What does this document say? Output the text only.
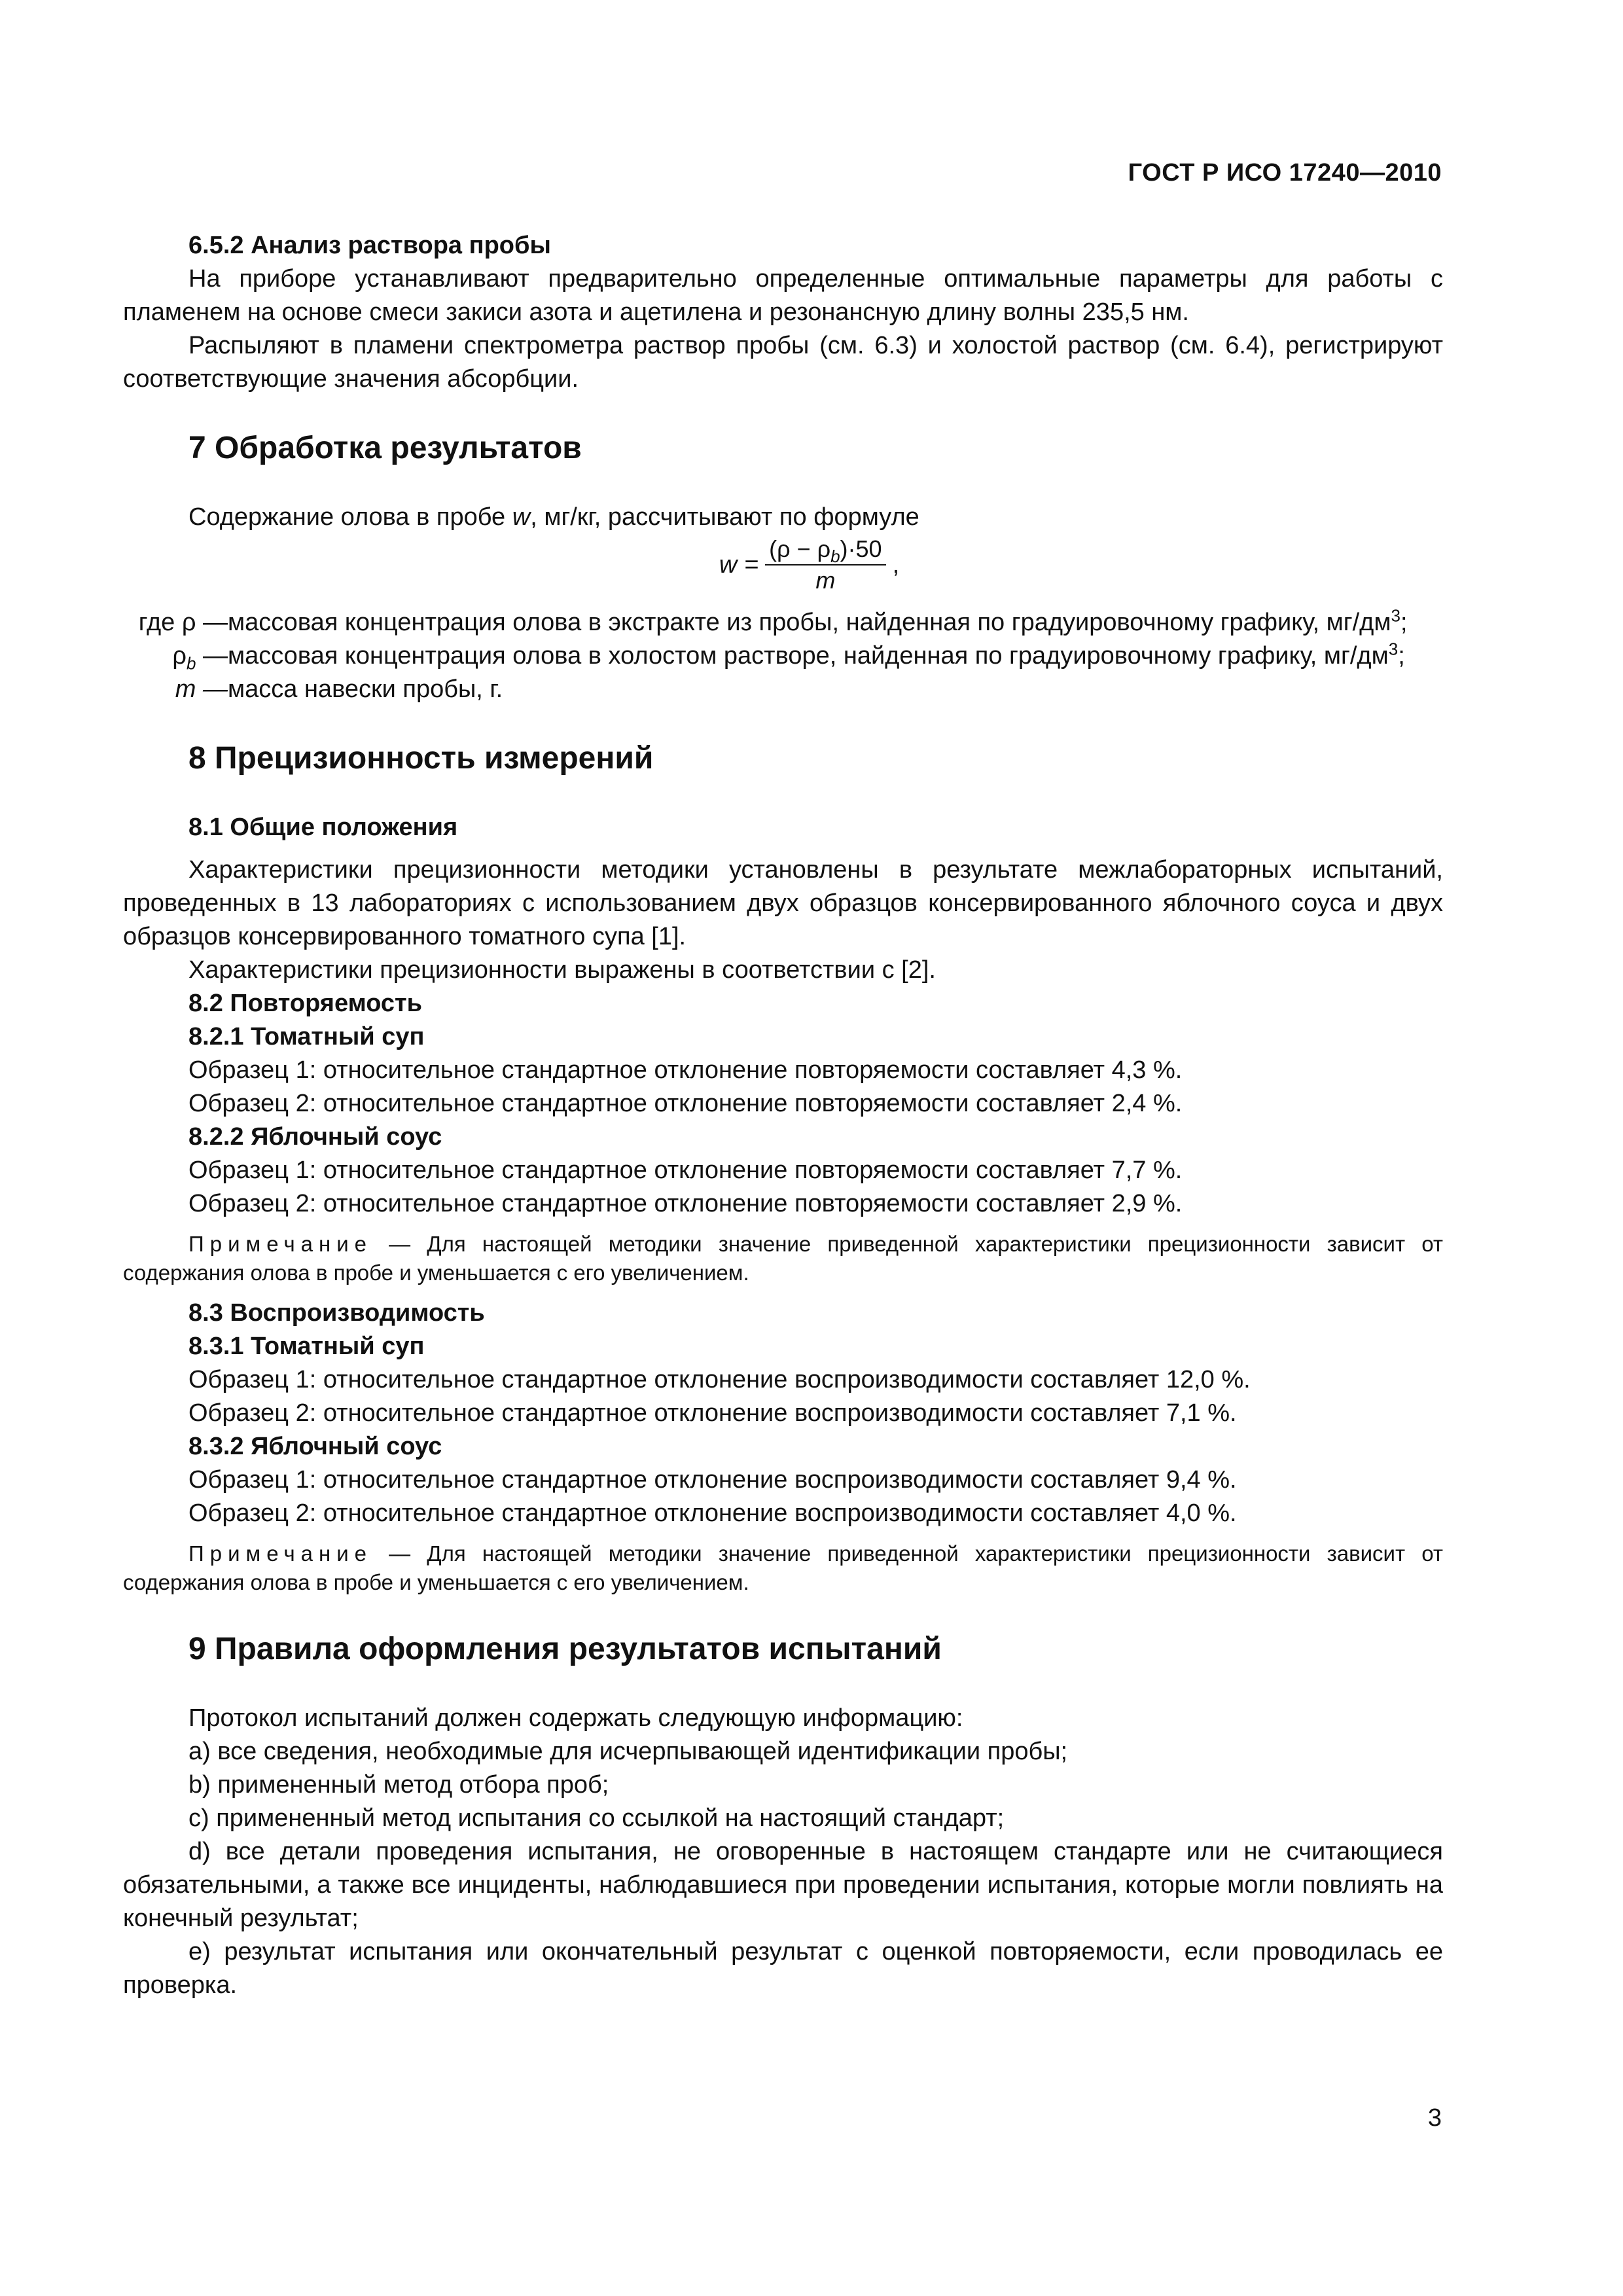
ГОСТ Р ИСО 17240—2010

6.5.2 Анализ раствора пробы

На приборе устанавливают предварительно определенные оптимальные параметры для работы с пламенем на основе смеси закиси азота и ацетилена и резонансную длину волны 235,5 нм.

Распыляют в пламени спектрометра раствор пробы (см. 6.3) и холостой раствор (см. 6.4), регистрируют соответствующие значения абсорбции.

7 Обработка результатов

Содержание олова в пробе w, мг/кг, рассчитывают по формуле

$w = \frac{(\rho - \rho_b)\cdot 50}{m}$ ,
где ρ — массовая концентрация олова в экстракте из пробы, найденная по градуировочному графику, $мг/дм^3$;
$\rho_b$ — массовая концентрация олова в холостом растворе, найденная по градуировочному графику, $мг/дм^3$;
m — масса навески пробы, г.

8 Прецизионность измерений

8.1 Общие положения

Характеристики прецизионности методики установлены в результате межлабораторных испытаний, проведенных в 13 лабораториях с использованием двух образцов консервированного яблочного соуса и двух образцов консервированного томатного супа [1].

Характеристики прецизионности выражены в соответствии с [2].

8.2 Повторяемость

8.2.1 Томатный суп

Образец 1: относительное стандартное отклонение повторяемости составляет 4,3 %.

Образец 2: относительное стандартное отклонение повторяемости составляет 2,4 %.

8.2.2 Яблочный соус

Образец 1: относительное стандартное отклонение повторяемости составляет 7,7 %.

Образец 2: относительное стандартное отклонение повторяемости составляет 2,9 %.

Примечание — Для настоящей методики значение приведенной характеристики прецизионности зависит от содержания олова в пробе и уменьшается с его увеличением.

8.3 Воспроизводимость

8.3.1 Томатный суп

Образец 1: относительное стандартное отклонение воспроизводимости составляет 12,0 %.

Образец 2: относительное стандартное отклонение воспроизводимости составляет 7,1 %.

8.3.2 Яблочный соус

Образец 1: относительное стандартное отклонение воспроизводимости составляет 9,4 %.

Образец 2: относительное стандартное отклонение воспроизводимости составляет 4,0 %.

Примечание — Для настоящей методики значение приведенной характеристики прецизионности зависит от содержания олова в пробе и уменьшается с его увеличением.

9 Правила оформления результатов испытаний

Протокол испытаний должен содержать следующую информацию:

a) все сведения, необходимые для исчерпывающей идентификации пробы;

b) примененный метод отбора проб;

c) примененный метод испытания со ссылкой на настоящий стандарт;

d) все детали проведения испытания, не оговоренные в настоящем стандарте или не считающиеся обязательными, а также все инциденты, наблюдавшиеся при проведении испытания, которые могли повлиять на конечный результат;

e) результат испытания или окончательный результат с оценкой повторяемости, если проводилась ее проверка.

3
